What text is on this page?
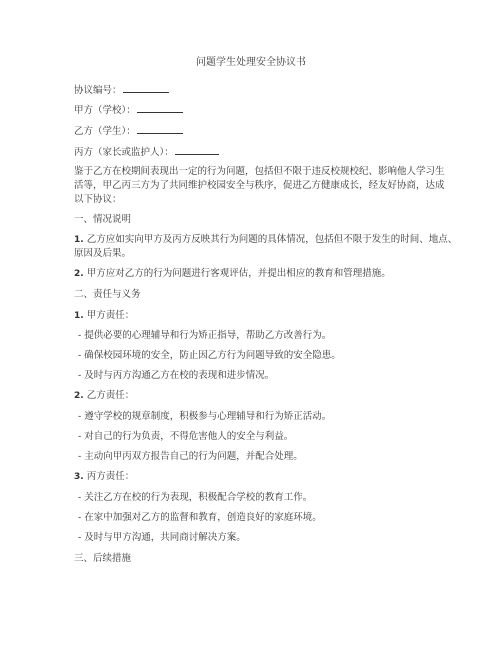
问题学生处理安全协议书
协议编号：
甲方（学校）：
乙方（学生）：
丙方（家长或监护人）：
鉴于乙方在校期间表现出一定的行为问题，包括但不限于违反校规校纪、影响他人学习生
活等，甲乙丙三方为了共同维护校园安全与秩序，促进乙方健康成长，经友好协商，达成
以下协议：
一、情况说明
1. 乙方应如实向甲方及丙方反映其行为问题的具体情况，包括但不限于发生的时间、地点、
原因及后果。
2. 甲方应对乙方的行为问题进行客观评估，并提出相应的教育和管理措施。
二、责任与义务
1. 甲方责任：
- 提供必要的心理辅导和行为矫正指导，帮助乙方改善行为。
- 确保校园环境的安全，防止因乙方行为问题导致的安全隐患。
- 及时与丙方沟通乙方在校的表现和进步情况。
2. 乙方责任：
- 遵守学校的规章制度，积极参与心理辅导和行为矫正活动。
- 对自己的行为负责，不得危害他人的安全与利益。
- 主动向甲丙双方报告自己的行为问题，并配合处理。
3. 丙方责任：
- 关注乙方在校的行为表现，积极配合学校的教育工作。
- 在家中加强对乙方的监督和教育，创造良好的家庭环境。
- 及时与甲方沟通，共同商讨解决方案。
三、后续措施
